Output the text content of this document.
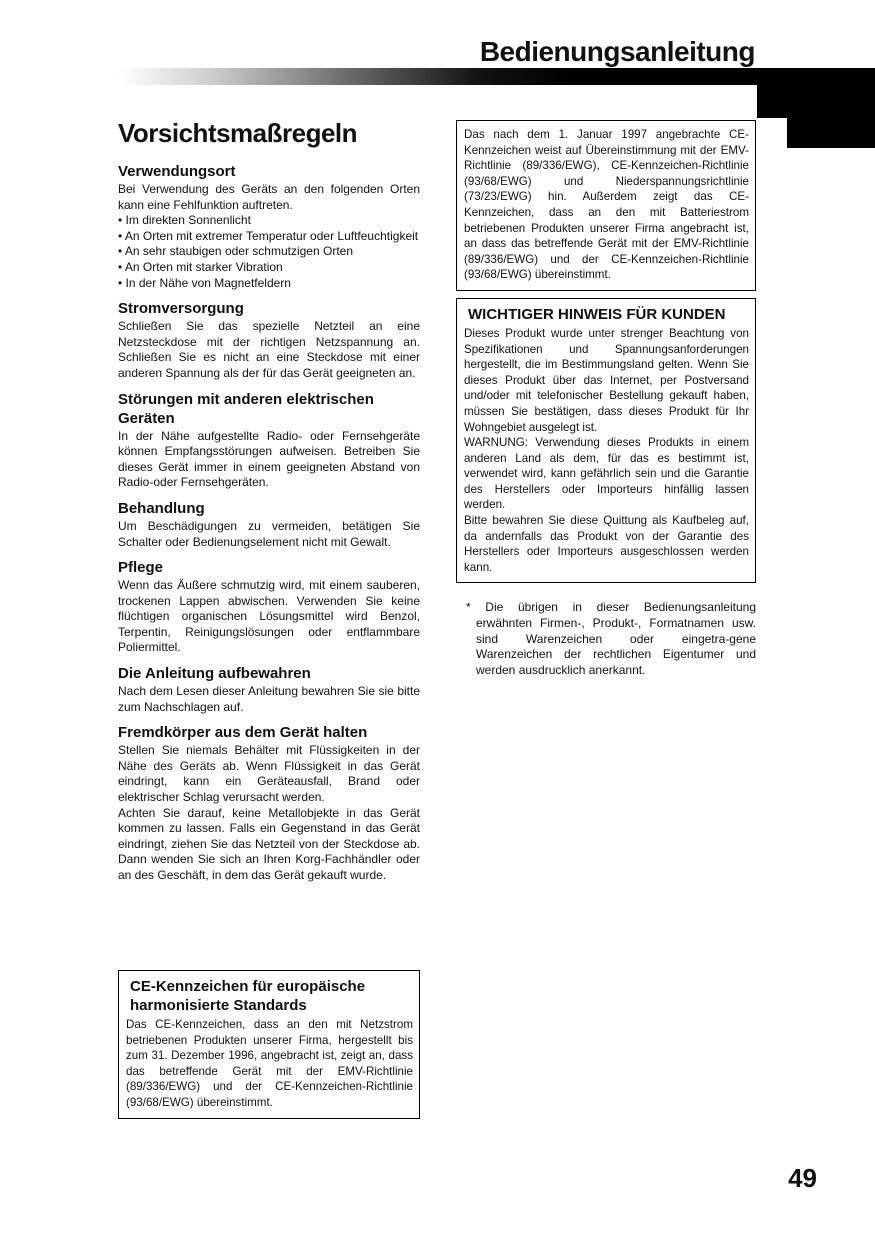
Bedienungsanleitung
Vorsichtsmaßregeln
Verwendungsort

Bei Verwendung des Geräts an den folgenden Orten kann eine Fehlfunktion auftreten.

• Im direkten Sonnenlicht
• An Orten mit extremer Temperatur oder Luftfeuchtigkeit
• An sehr staubigen oder schmutzigen Orten
• An Orten mit starker Vibration
• In der Nähe von Magnetfeldern
Stromversorgung

Schließen Sie das spezielle Netzteil an eine Netzsteckdose mit der richtigen Netzspannung an. Schließen Sie es nicht an eine Steckdose mit einer anderen Spannung als der für das Gerät geeigneten an.

Störungen mit anderen elektrischen Geräten

In der Nähe aufgestellte Radio- oder Fernsehgeräte können Empfangsstörungen aufweisen. Betreiben Sie dieses Gerät immer in einem geeigneten Abstand von Radio-oder Fernsehgeräten.

Behandlung

Um Beschädigungen zu vermeiden, betätigen Sie Schalter oder Bedienungselement nicht mit Gewalt.

Pflege

Wenn das Äußere schmutzig wird, mit einem sauberen, trockenen Lappen abwischen. Verwenden Sie keine flüchtigen organischen Lösungsmittel wird Benzol, Terpentin, Reinigungslösungen oder entflammbare Poliermittel.

Die Anleitung aufbewahren

Nach dem Lesen dieser Anleitung bewahren Sie sie bitte zum Nachschlagen auf.

Fremdkörper aus dem Gerät halten

Stellen Sie niemals Behälter mit Flüssigkeiten in der Nähe des Geräts ab. Wenn Flüssigkeit in das Gerät eindringt, kann ein Geräteausfall, Brand oder elektrischer Schlag verursacht werden.

Achten Sie darauf, keine Metallobjekte in das Gerät kommen zu lassen. Falls ein Gegenstand in das Gerät eindringt, ziehen Sie das Netzteil von der Steckdose ab. Dann wenden Sie sich an Ihren Korg-Fachhändler oder an des Geschäft, in dem das Gerät gekauft wurde.

CE-Kennzeichen für europäische harmonisierte Standards

Das CE-Kennzeichen, dass an den mit Netzstrom betriebenen Produkten unserer Firma, hergestellt bis zum 31. Dezember 1996, angebracht ist, zeigt an, dass das betreffende Gerät mit der EMV-Richtlinie (89/336/EWG) und der CE-Kennzeichen-Richtlinie (93/68/EWG) übereinstimmt.

Das nach dem 1. Januar 1997 angebrachte CE-Kennzeichen weist auf Übereinstimmung mit der EMV-Richtlinie (89/336/EWG), CE-Kennzeichen-Richtlinie (93/68/EWG) und Niederspannungsrichtlinie (73/23/EWG) hin. Außerdem zeigt das CE-Kennzeichen, dass an den mit Batteriestrom betriebenen Produkten unserer Firma angebracht ist, an dass das betreffende Gerät mit der EMV-Richtlinie (89/336/EWG) und der CE-Kennzeichen-Richtlinie (93/68/EWG) übereinstimmt.

WICHTIGER HINWEIS FÜR KUNDEN

Dieses Produkt wurde unter strenger Beachtung von Spezifikationen und Spannungsanforderungen hergestellt, die im Bestimmungsland gelten. Wenn Sie dieses Produkt über das Internet, per Postversand und/oder mit telefonischer Bestellung gekauft haben, müssen Sie bestätigen, dass dieses Produkt für Ihr Wohngebiet ausgelegt ist.

WARNUNG: Verwendung dieses Produkts in einem anderen Land als dem, für das es bestimmt ist, verwendet wird, kann gefährlich sein und die Garantie des Herstellers oder Importeurs hinfällig lassen werden.

Bitte bewahren Sie diese Quittung als Kaufbeleg auf, da andernfalls das Produkt von der Garantie des Herstellers oder Importeurs ausgeschlossen werden kann.

* Die übrigen in dieser Bedienungsanleitung erwähnten Firmen-, Produkt-, Formatnamen usw. sind Warenzeichen oder eingetra-gene Warenzeichen der rechtlichen Eigentumer und werden ausdrucklich anerkannt.

49
